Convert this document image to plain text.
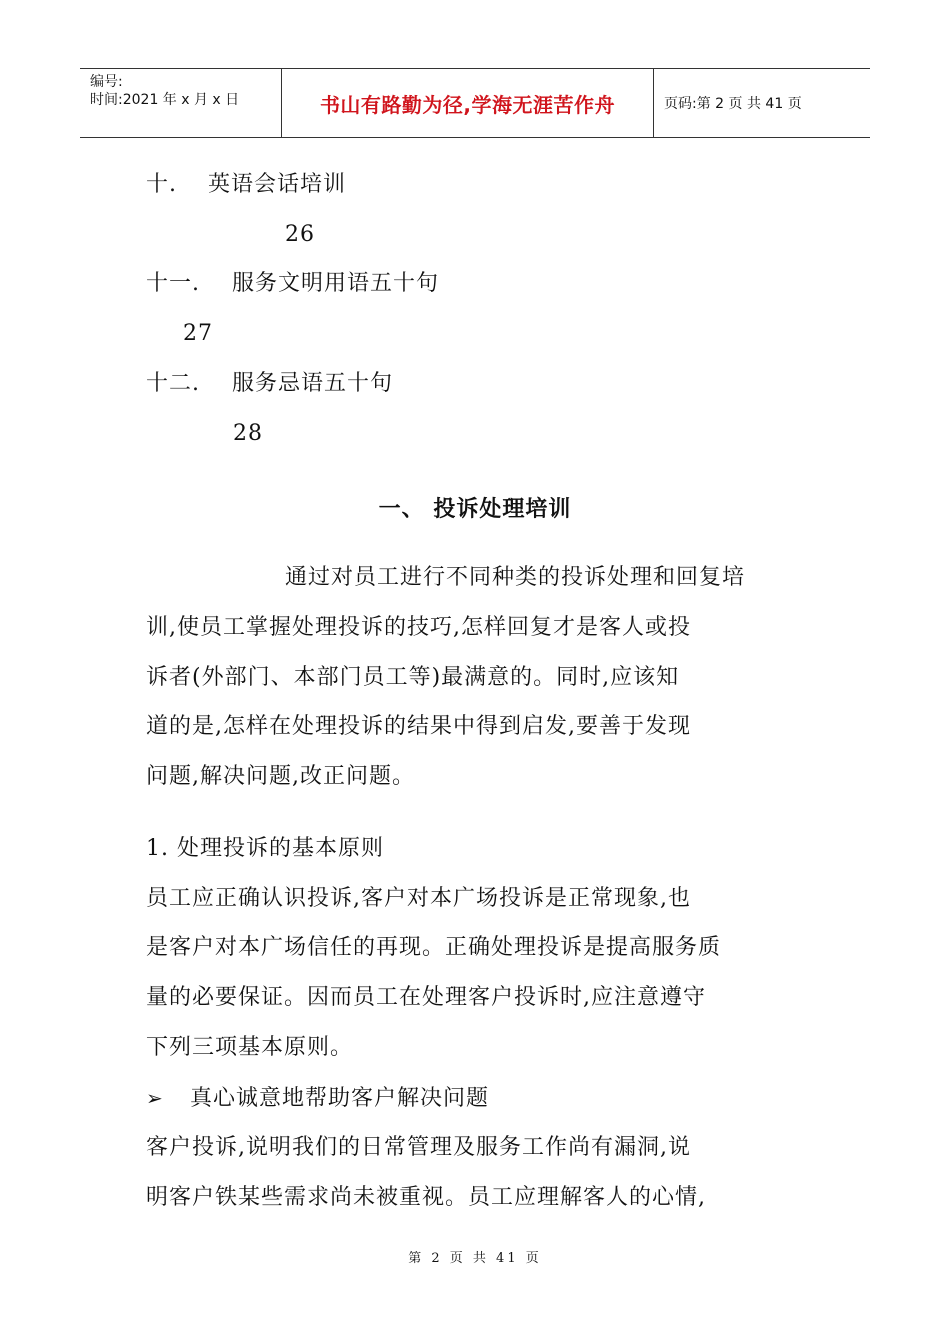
编号:
时间:2021 年 x 月 x 日	书山有路勤为径,学海无涯苦作舟	页码:第 2 页 共 41 页
十. 英语会话培训
26
十一. 服务文明用语五十句
27
十二. 服务忌语五十句
28
一、 投诉处理培训
通过对员工进行不同种类的投诉处理和回复培
训,使员工掌握处理投诉的技巧,怎样回复才是客人或投
诉者(外部门、本部门员工等)最满意的。同时,应该知
道的是,怎样在处理投诉的结果中得到启发,要善于发现
问题,解决问题,改正问题。
1. 处理投诉的基本原则
员工应正确认识投诉,客户对本广场投诉是正常现象,也
是客户对本广场信任的再现。正确处理投诉是提高服务质
量的必要保证。因而员工在处理客户投诉时,应注意遵守
下列三项基本原则。
➢ 真心诚意地帮助客户解决问题
客户投诉,说明我们的日常管理及服务工作尚有漏洞,说
明客户铁某些需求尚未被重视。员工应理解客人的心情,
第 2 页 共 41 页
